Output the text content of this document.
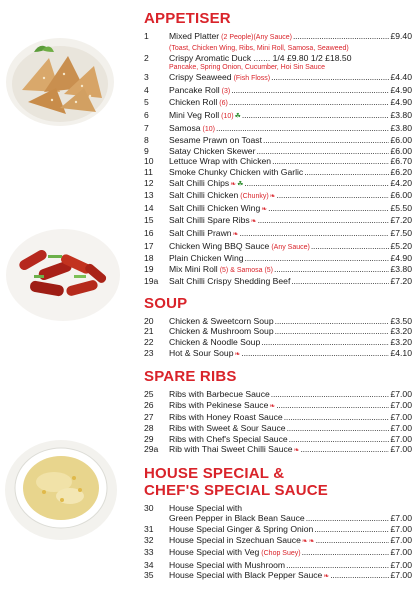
APPETISER
1	Mixed Platter (2 People)(Any Sauce) .....	£9.40
(Toast, Chicken Wing, Ribs, Mini Roll, Samosa, Seaweed)
2	Crispy Aromatic Duck ....... 1/4 £9.80 1/2 £18.50
Pancake, Spring Onion, Cucumber, Hoi Sin Sauce
3	Crispy Seaweed (Fish Floss) .....	£4.40
4	Pancake Roll (3) .....	£4.90
5	Chicken Roll (6) .....	£4.90
6	Mini Veg Roll (10) ☘ .....	£3.80
7	Samosa (10) .....	£3.80
8	Sesame Prawn on Toast .....	£6.00
9	Satay Chicken Skewer .....	£6.00
10	Lettuce Wrap with Chicken .....	£6.70
11	Smoke Chunky Chicken with Garlic .....	£6.20
12	Salt Chilli Chips ❧ ☘ .....	£4.20
13	Salt Chilli Chicken (Chunky) ❧ .....	£6.00
14	Salt Chilli Chicken Wing ❧ .....	£5.50
15	Salt Chilli Spare Ribs ❧ .....	£7.20
16	Salt Chilli Prawn ❧ .....	£7.50
17	Chicken Wing BBQ Sauce (Any Sauce) .....	£5.20
18	Plain Chicken Wing .....	£4.90
19	Mix Mini Roll (5) & Samosa (5) .....	£3.80
19a	Salt Chilli Crispy Shedding Beef .....	£7.20
SOUP
20	Chicken & Sweetcorn Soup .....	£3.50
21	Chicken & Mushroom Soup .....	£3.20
22	Chicken & Noodle Soup .....	£3.20
23	Hot & Sour Soup ❧ .....	£4.10
SPARE RIBS
25	Ribs with Barbecue Sauce .....	£7.00
26	Ribs with Pekinese Sauce ❧ .....	£7.00
27	Ribs with Honey Roast Sauce .....	£7.00
28	Ribs with Sweet & Sour Sauce .....	£7.00
29	Ribs with Chef's Special Sauce .....	£7.00
29a	Rib with Thai Sweet Chilli Sauce ❧ .....	£7.00
HOUSE SPECIAL &
CHEF'S SPECIAL SAUCE
30	House Special with
Green Pepper in Black Bean Sauce .....	£7.00
31	House Special Ginger & Spring Onion .....	£7.00
32	House Special in Szechuan Sauce ❧ ❧ .....	£7.00
33	House Special with Veg (Chop Suey) .....	£7.00
34	House Special with Mushroom .....	£7.00
35	House Special with Black Pepper Sauce ❧ .....	£7.00
